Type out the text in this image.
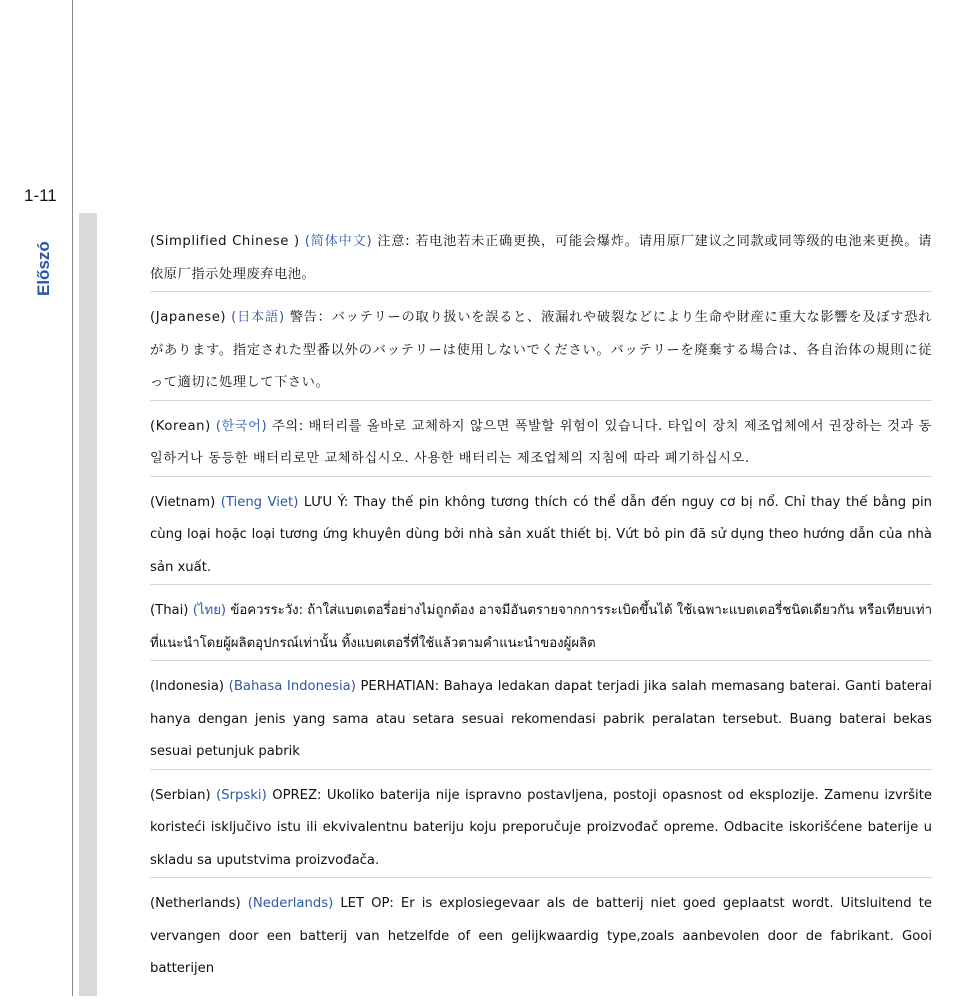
1-11
Előszó	(Simplified Chinese ) (简体中文) 注意: 若电池若未正确更换，可能会爆炸。请用原厂建议之同款或同等级的电池来更换。请依原厂指示处理废弃电池。

(Japanese) (日本語) 警告：バッテリーの取り扱いを誤ると、液漏れや破裂などにより生命や財産に重大な影響を及ぼす恐れがあります。指定された型番以外のバッテリーは使用しないでください。バッテリーを廃棄する場合は、各自治体の規則に従って適切に処理して下さい。

(Korean) (한국어) 주의: 배터리를 올바로 교체하지 않으면 폭발할 위험이 있습니다. 타입이 장치 제조업체에서 권장하는 것과 동일하거나 동등한 배터리로만 교체하십시오. 사용한 배터리는 제조업체의 지침에 따라 폐기하십시오.

(Vietnam) (Tieng Viet) LƯU Ý: Thay thế pin không tương thích có thể dẫn đến nguy cơ bị nổ. Chỉ thay thế bằng pin cùng loại hoặc loại tương ứng khuyên dùng bởi nhà sản xuất thiết bị. Vứt bỏ pin đã sử dụng theo hướng dẫn của nhà sản xuất.

(Thai) (ไทย) ข้อควรระวัง: ถ้าใส่แบตเตอรี่อย่างไม่ถูกต้อง อาจมีอันตรายจากการระเบิดขึ้นได้ ใช้เฉพาะแบตเตอรี่ชนิดเดียวกัน หรือเทียบเท่า ที่แนะนำโดยผู้ผลิตอุปกรณ์เท่านั้น ทิ้งแบตเตอรี่ที่ใช้แล้วตามคำแนะนำของผู้ผลิต

(Indonesia) (Bahasa Indonesia) PERHATIAN: Bahaya ledakan dapat terjadi jika salah memasang baterai. Ganti baterai hanya dengan jenis yang sama atau setara sesuai rekomendasi pabrik peralatan tersebut. Buang baterai bekas sesuai petunjuk pabrik

(Serbian) (Srpski) OPREZ: Ukoliko baterija nije ispravno postavljena, postoji opasnost od eksplozije. Zamenu izvršite koristeći isključivo istu ili ekvivalentnu bateriju koju preporučuje proizvođač opreme. Odbacite iskorišćene baterije u skladu sa uputstvima proizvođača.

(Netherlands) (Nederlands) LET OP: Er is explosiegevaar als de batterij niet goed geplaatst wordt. Uitsluitend te vervangen door een batterij van hetzelfde of een gelijkwaardig type,zoals aanbevolen door de fabrikant. Gooi batterijen
